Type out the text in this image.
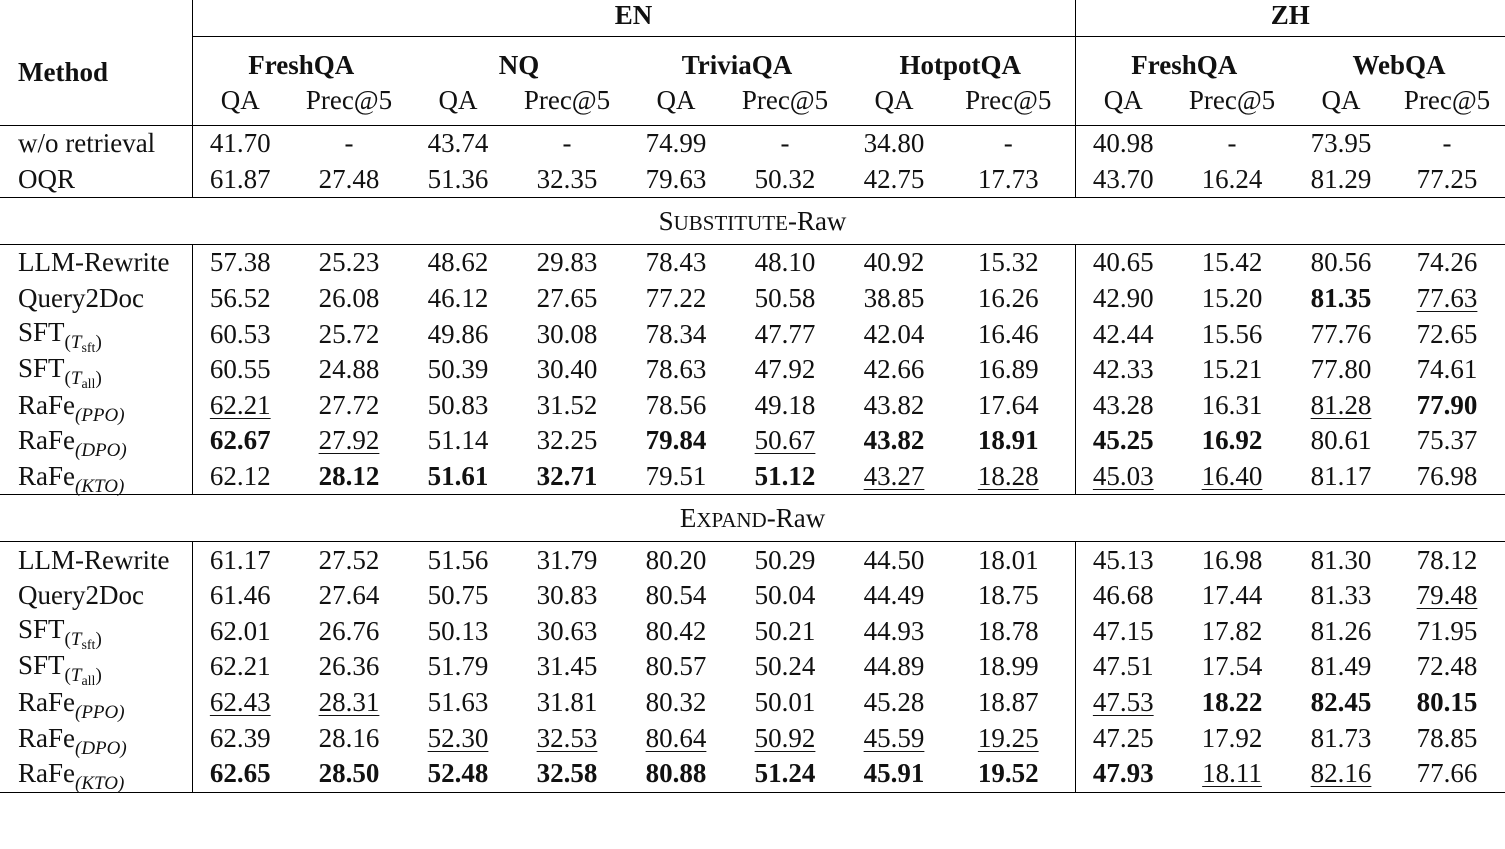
Method	EN								ZH			
	FreshQA		NQ		TriviaQA		HotpotQA		FreshQA		WebQA	
	QA	Prec@5	QA	Prec@5	QA	Prec@5	QA	Prec@5	QA	Prec@5	QA	Prec@5
w/o retrieval	41.70	-	43.74	-	74.99	-	34.80	-	40.98	-	73.95	-
OQR	61.87	27.48	51.36	32.35	79.63	50.32	42.75	17.73	43.70	16.24	81.29	77.25
SUBSTITUTE-Raw												
LLM-Rewrite	57.38	25.23	48.62	29.83	78.43	48.10	40.92	15.32	40.65	15.42	80.56	74.26
Query2Doc	56.52	26.08	46.12	27.65	77.22	50.58	38.85	16.26	42.90	15.20	81.35	77.63
$SFT_{(T_{sft})}$	60.53	25.72	49.86	30.08	78.34	47.77	42.04	16.46	42.44	15.56	77.76	72.65
$SFT_{(T_{all})}$	60.55	24.88	50.39	30.40	78.63	47.92	42.66	16.89	42.33	15.21	77.80	74.61
RaFe$_{(PPO)}$	62.21	27.72	50.83	31.52	78.56	49.18	43.82	17.64	43.28	16.31	81.28	77.90
RaFe$_{(DPO)}$	62.67	27.92	51.14	32.25	79.84	50.67	43.82	18.91	45.25	16.92	80.61	75.37
RaFe$_{(KTO)}$	62.12	28.12	51.61	32.71	79.51	51.12	43.27	18.28	45.03	16.40	81.17	76.98
EXPAND-Raw												
LLM-Rewrite	61.17	27.52	51.56	31.79	80.20	50.29	44.50	18.01	45.13	16.98	81.30	78.12
Query2Doc	61.46	27.64	50.75	30.83	80.54	50.04	44.49	18.75	46.68	17.44	81.33	79.48
$SFT_{(T_{sft})}$	62.01	26.76	50.13	30.63	80.42	50.21	44.93	18.78	47.15	17.82	81.26	71.95
$SFT_{(T_{all})}$	62.21	26.36	51.79	31.45	80.57	50.24	44.89	18.99	47.51	17.54	81.49	72.48
RaFe$_{(PPO)}$	62.43	28.31	51.63	31.81	80.32	50.01	45.28	18.87	47.53	18.22	82.45	80.15
RaFe$_{(DPO)}$	62.39	28.16	52.30	32.53	80.64	50.92	45.59	19.25	47.25	17.92	81.73	78.85
RaFe$_{(KTO)}$	62.65	28.50	52.48	32.58	80.88	51.24	45.91	19.52	47.93	18.11	82.16	77.66
